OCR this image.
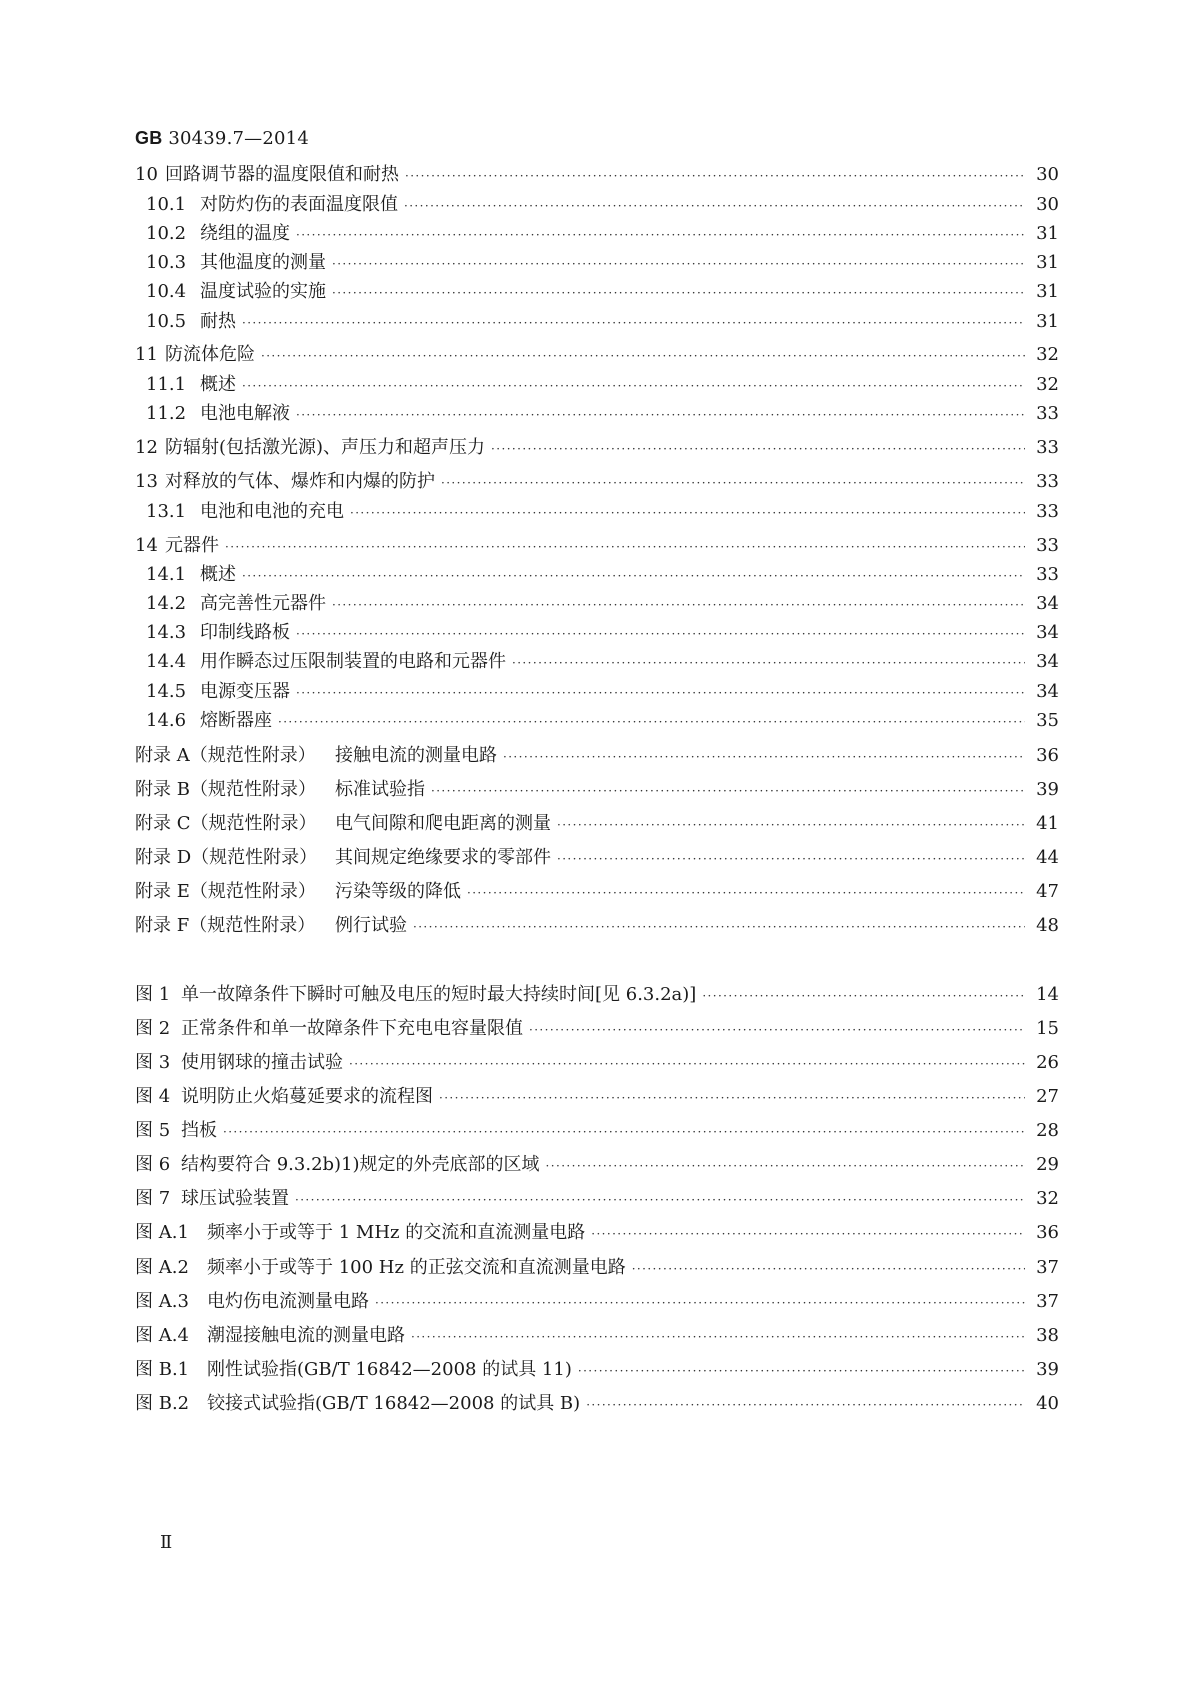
GB 30439.7—2014
10 回路调节器的温度限值和耐热 ·····	30
10.1 对防灼伤的表面温度限值 ·····	30
10.2 绕组的温度 ·····	31
10.3 其他温度的测量 ·····	31
10.4 温度试验的实施 ·····	31
10.5 耐热 ·····	31
11 防流体危险 ·····	32
11.1 概述 ·····	32
11.2 电池电解液 ·····	33
12 防辐射(包括激光源)、声压力和超声压力 ·····	33
13 对释放的气体、爆炸和内爆的防护 ·····	33
13.1 电池和电池的充电 ·····	33
14 元器件 ·····	33
14.1 概述 ·····	33
14.2 高完善性元器件 ·····	34
14.3 印制线路板 ·····	34
14.4 用作瞬态过压限制装置的电路和元器件 ·····	34
14.5 电源变压器 ·····	34
14.6 熔断器座 ·····	35
附录 A（规范性附录）	接触电流的测量电路 ·····	36
附录 B（规范性附录）	标准试验指 ·····	39
附录 C（规范性附录）	电气间隙和爬电距离的测量 ·····	41
附录 D（规范性附录） 其间规定绝缘要求的零部件 ·····	44
附录 E（规范性附录）	污染等级的降低 ·····	47
附录 F（规范性附录）	例行试验 ·····	48
图 1 单一故障条件下瞬时可触及电压的短时最大持续时间[见 6.3.2a)] ·····	14
图 2 正常条件和单一故障条件下充电电容量限值 ·····	15
图 3 使用钢球的撞击试验 ·····	26
图 4 说明防止火焰蔓延要求的流程图 ·····	27
图 5 挡板 ·····	28
图 6 结构要符合 9.3.2b)1)规定的外壳底部的区域 ·····	29
图 7 球压试验装置 ·····	32
图 A.1	频率小于或等于 1 MHz 的交流和直流测量电路 ·····	36
图 A.2	频率小于或等于 100 Hz 的正弦交流和直流测量电路 ·····	37
图 A.3	电灼伤电流测量电路 ·····	37
图 A.4	潮湿接触电流的测量电路 ·····	38
图 B.1 刚性试验指(GB/T 16842—2008 的试具 11) ·····	39
图 B.2 铰接式试验指(GB/T 16842—2008 的试具 B) ·····	40
Ⅱ
